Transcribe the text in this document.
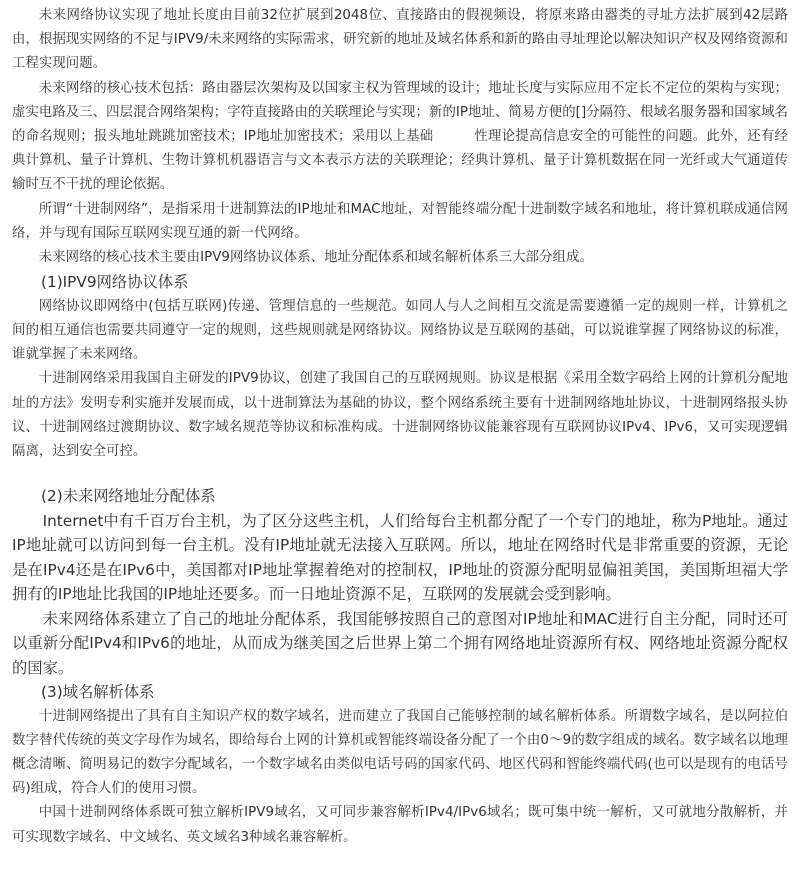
未来网络协议实现了地址长度由目前32位扩展到2048位、直接路由的假视频设，将原来路由器类的寻址方法扩展到42层路由，根据现实网络的不足与IPV9/未来网络的实际需求，研究新的地址及域名体系和新的路由寻址理论以解决知识产权及网络资源和工程实现问题。

未来网络的核心技术包括：路由器层次架构及以国家主权为管理域的设计；地址长度与实际应用不定长不定位的架构与实现；虚实电路及三、四层混合网络架构；字符直接路由的关联理论与实现；新的IP地址、简易方便的[]分隔符、根域名服务器和国家域名的命名规则；报头地址跳跳加密技术；IP地址加密技术；采用以上基础　　　性理论提高信息安全的可能性的问题。此外，还有经典计算机、量子计算机、生物计算机机器语言与文本表示方法的关联理论；经典计算机、量子计算机数据在同一光纤或大气通道传输时互不干扰的理论依据。

所谓“十进制网络”，是指采用十进制算法的IP地址和MAC地址，对智能终端分配十进制数字域名和地址，将计算机联成通信网络，并与现有国际互联网实现互通的新一代网络。

未来网络的核心技术主要由IPV9网络协议体系、地址分配体系和域名解析体系三大部分组成。

(1)IPV9网络协议体系

网络协议即网络中(包括互联网)传递、管理信息的一些规范。如同人与人之间相互交流是需要遵循一定的规则一样，计算机之间的相互通信也需要共同遵守一定的规则，这些规则就是网络协议。网络协议是互联网的基础，可以说谁掌握了网络协议的标准，谁就掌握了未来网络。

十进制网络采用我国自主研发的IPV9协议，创建了我国自己的互联网规则。协议是根据《采用全数字码给上网的计算机分配地址的方法》发明专利实施并发展而成，以十进制算法为基础的协议，整个网络系统主要有十进制网络地址协议，十进制网络报头协议、十进制网络过渡期协议、数字域名规范等协议和标准构成。十进制网络协议能兼容现有互联网协议IPv4、IPv6，又可实现逻辑隔离，达到安全可控。

(2)未来网络地址分配体系

Internet中有千百万台主机，为了区分这些主机，人们给每台主机都分配了一个专门的地址，称为P地址。通过IP地址就可以访问到每一台主机。没有IP地址就无法接入互联网。所以，地址在网络时代是非常重要的资源，无论是在IPv4还是在IPv6中，美国都对IP地址掌握着绝对的控制权，IP地址的资源分配明显偏祖美国，美国斯坦福大学拥有的IP地址比我国的IP地址还要多。而一日地址资源不足，互联网的发展就会受到影响。

未来网络体系建立了自己的地址分配体系，我国能够按照自己的意图对IP地址和MAC进行自主分配，同时还可以重新分配IPv4和IPv6的地址，从而成为继美国之后世界上第二个拥有网络地址资源所有权、网络地址资源分配权的国家。

(3)域名解析体系

十进制网络提出了具有自主知识产权的数字域名，进而建立了我国自己能够控制的域名解析体系。所谓数字域名，是以阿拉伯数字替代传统的英文字母作为域名，即给每台上网的计算机或智能终端设备分配了一个由0～9的数字组成的域名。数字域名以地理概念清晰、简明易记的数字分配域名，一个数字域名由类似电话号码的国家代码、地区代码和智能终端代码(也可以是现有的电话号码)组成，符合人们的使用习惯。

中国十进制网络体系既可独立解析IPV9域名，又可同步兼容解析IPv4/IPv6域名；既可集中统一解析，又可就地分散解析，并可实现数字域名、中文域名、英文域名3种域名兼容解析。
